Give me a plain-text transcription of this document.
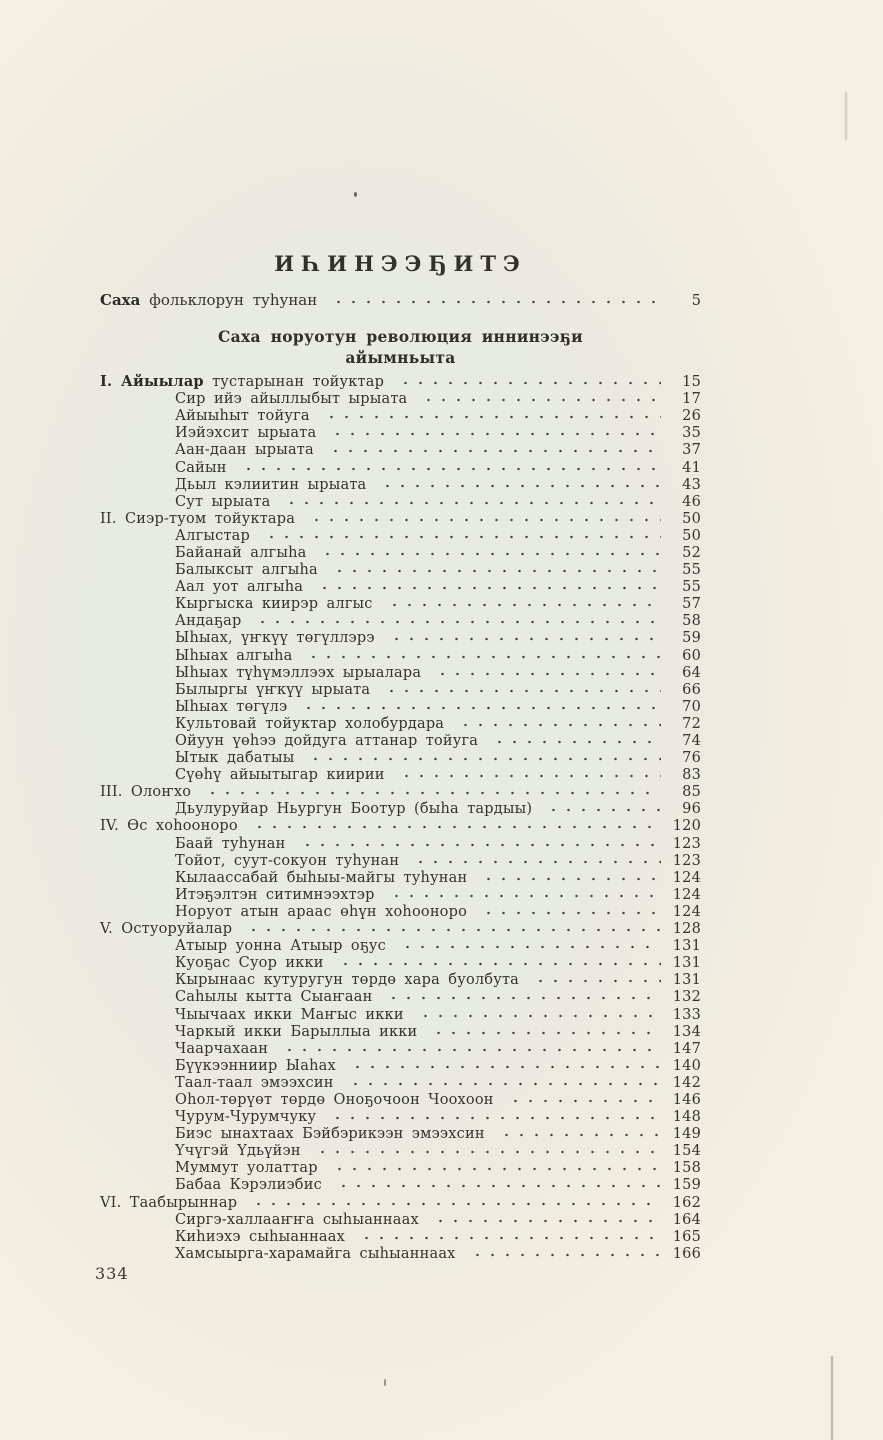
ИҺИНЭЭҔИТЭ
Саха фольклорун туһунан	5
Саха норуотун революция иннинээҕи
айымньыта
I. Айыылар тустарынан тойуктар	15
Сир ийэ айыллыбыт ырыата	17
Айыыһыт тойуга	26
Иэйэхсит ырыата	35
Аан-даан ырыата	37
Сайын	41
Дьыл кэлиитин ырыата	43
Сут ырыата	46
II. Сиэр-туом тойуктара	50
Алгыстар	50
Байанай алгыһа	52
Балыксыт алгыһа	55
Аал уот алгыһа	55
Кыргыска киирэр алгыс	57
Андаҕар	58
Ыһыах, үҥкүү төгүллэрэ	59
Ыһыах алгыһа	60
Ыһыах түһүмэллээх ырыалара	64
Былыргы үҥкүү ырыата	66
Ыһыах төгүлэ	70
Культовай тойуктар холобурдара	72
Ойуун үөһээ дойдуга аттанар тойуга	74
Ытык дабатыы	76
Сүөһү айыытыгар киирии	83
III. Олоҥхо	85
Дьулуруйар Ньургун Боотур (быһа тардыы)	96
IV. Өс хоһооноро	120
Баай туһунан	123
Тойот, суут-сокуон туһунан	123
Кылаассабай быһыы-майгы туһунан	124
Итэҕэлтэн ситимнээхтэр	124
Норуот атын араас өһүн хоһооноро	124
V. Остуоруйалар	128
Атыыр уонна Атыыр оҕус	131
Куоҕас Суор икки	131
Кырынаас кутуругун төрдө хара буолбута	131
Саһылы кытта Сыаҥаан	132
Чыычаах икки Маҥыс икки	133
Чаркый икки Барыллыа икки	134
Чаарчахаан	147
Бүүкээнниир Ыаһах	140
Таал-таал эмээхсин	142
Оһол-төрүөт төрдө Оноҕочоон Чоохоон	146
Чурум-Чурумчуку	148
Биэс ынахтаах Бэйбэрикээн эмээхсин	149
Үчүгэй Үдьүйэн	154
Муммут уолаттар	158
Бабаа Кэрэлиэбис	159
VI. Таабырыннар	162
Сиргэ-халлааҥҥа сыһыаннаах	164
Киһиэхэ сыһыаннаах	165
Хамсыырга-харамайга сыһыаннаах	166
334
